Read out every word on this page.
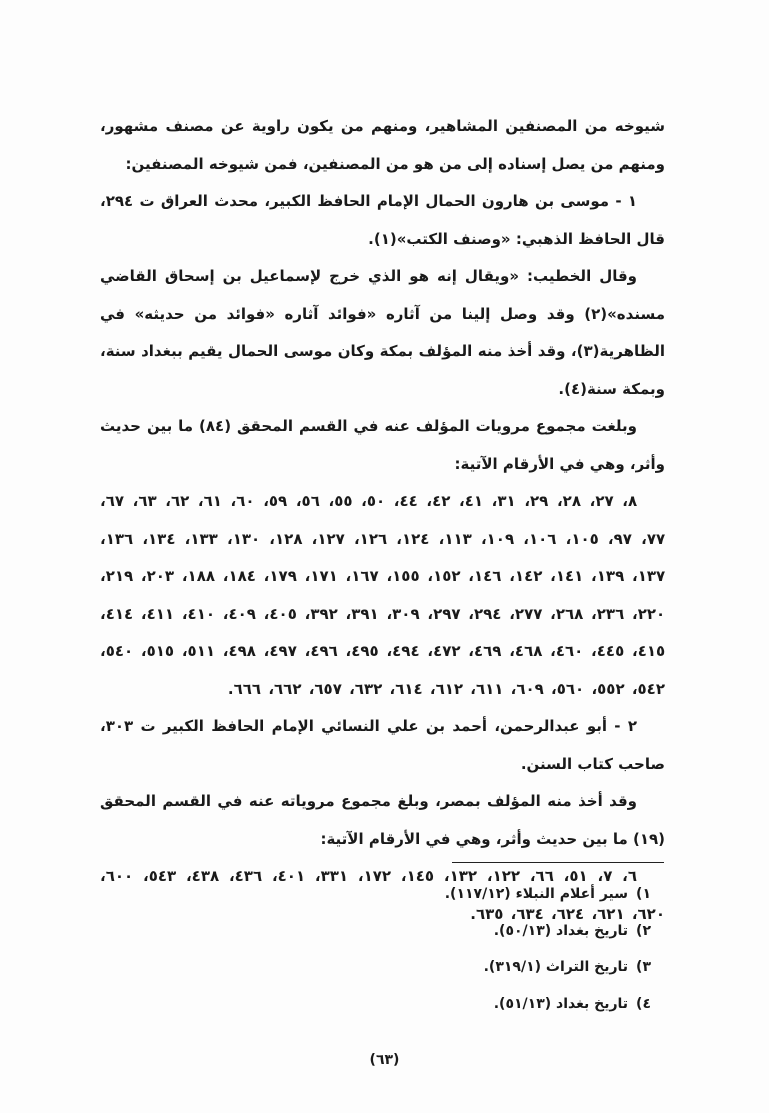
شيوخه من المصنفين المشاهير، ومنهم من يكون راوية عن مصنف مشهور، ومنهم من يصل إسناده إلى من هو من المصنفين، فمن شيوخه المصنفين:

١ - موسى بن هارون الحمال الإمام الحافظ الكبير، محدث العراق ت ٢٩٤، قال الحافظ الذهبي: «وصنف الكتب»(١).

وقال الخطيب: «ويقال إنه هو الذي خرج لإسماعيل بن إسحاق القاضي مسنده»(٢) وقد وصل إلينا من آثاره «فوائد آثاره «فوائد من حديثه» في الظاهرية(٣)، وقد أخذ منه المؤلف بمكة وكان موسى الحمال يقيم ببغداد سنة، وبمكة سنة(٤).

وبلغت مجموع مرويات المؤلف عنه في القسم المحقق (٨٤) ما بين حديث وأثر، وهي في الأرقام الآتية:

٨، ٢٧، ٢٨، ٢٩، ٣١، ٤١، ٤٢، ٤٤، ٥٠، ٥٥، ٥٦، ٥٩، ٦٠، ٦١، ٦٢، ٦٣، ٦٧، ٧٧، ٩٧، ١٠٥، ١٠٦، ١٠٩، ١١٣، ١٢٤، ١٢٦، ١٢٧، ١٢٨، ١٣٠، ١٣٣، ١٣٤، ١٣٦، ١٣٧، ١٣٩، ١٤١، ١٤٢، ١٤٦، ١٥٢، ١٥٥، ١٦٧، ١٧١، ١٧٩، ١٨٤، ١٨٨، ٢٠٣، ٢١٩، ٢٢٠، ٢٣٦، ٢٦٨، ٢٧٧، ٢٩٤، ٢٩٧، ٣٠٩، ٣٩١، ٣٩٢، ٤٠٥، ٤٠٩، ٤١٠، ٤١١، ٤١٤، ٤١٥، ٤٤٥، ٤٦٠، ٤٦٨، ٤٦٩، ٤٧٢، ٤٩٤، ٤٩٥، ٤٩٦، ٤٩٧، ٤٩٨، ٥١١، ٥١٥، ٥٤٠، ٥٤٢، ٥٥٢، ٥٦٠، ٦٠٩، ٦١١، ٦١٢، ٦١٤، ٦٣٢، ٦٥٧، ٦٦٢، ٦٦٦.

٢ - أبو عبدالرحمن، أحمد بن علي النسائي الإمام الحافظ الكبير ت ٣٠٣، صاحب كتاب السنن.

وقد أخذ منه المؤلف بمصر، وبلغ مجموع مروياته عنه في القسم المحقق (١٩) ما بين حديث وأثر، وهي في الأرقام الآتية:

٦، ٧، ٥١، ٦٦، ١٢٢، ١٣٢، ١٤٥، ١٧٢، ٣٣١، ٤٠١، ٤٣٦، ٤٣٨، ٥٤٣، ٦٠٠، ٦٢٠، ٦٢١، ٦٢٤، ٦٣٤، ٦٣٥.

١)سير أعلام النبلاء (١١٧/١٢).
٢)تاريخ بغداد (٥٠/١٣).
٣)تاريخ التراث (٣١٩/١).
٤)تاريخ بغداد (٥١/١٣).
(٦٣)
